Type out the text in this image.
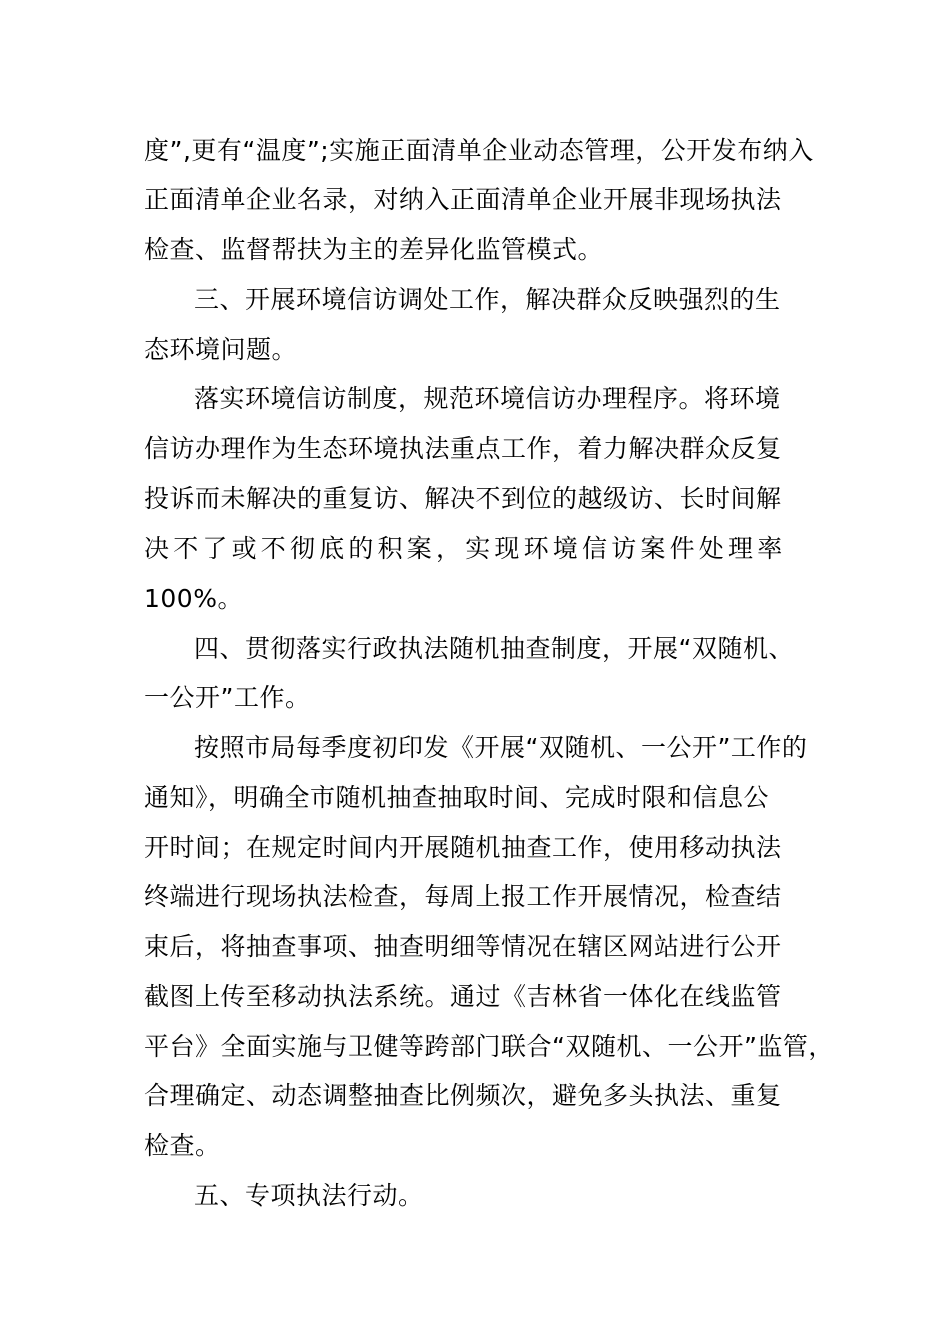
度”,更有“温度”;实施正面清单企业动态管理，公开发布纳入
正面清单企业名录，对纳入正面清单企业开展非现场执法
检查、监督帮扶为主的差异化监管模式。
三、开展环境信访调处工作，解决群众反映强烈的生
态环境问题。
落实环境信访制度，规范环境信访办理程序。将环境
信访办理作为生态环境执法重点工作，着力解决群众反复
投诉而未解决的重复访、解决不到位的越级访、长时间解
决不了或不彻底的积案，实现环境信访案件处理率
100%。
四、贯彻落实行政执法随机抽查制度，开展“双随机、
一公开”工作。
按照市局每季度初印发《开展“双随机、一公开”工作的
通知》，明确全市随机抽查抽取时间、完成时限和信息公
开时间；在规定时间内开展随机抽查工作，使用移动执法
终端进行现场执法检查，每周上报工作开展情况，检查结
束后，将抽查事项、抽查明细等情况在辖区网站进行公开
截图上传至移动执法系统。通过《吉林省一体化在线监管
平台》全面实施与卫健等跨部门联合“双随机、一公开”监管，
合理确定、动态调整抽查比例频次，避免多头执法、重复
检查。
五、专项执法行动。
